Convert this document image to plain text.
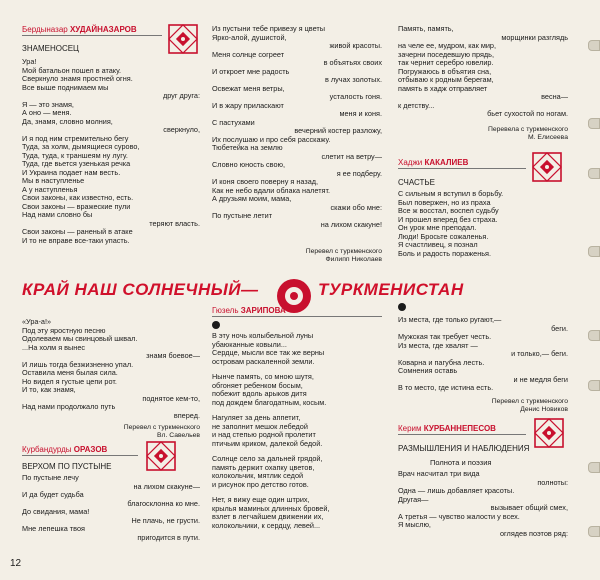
Бердыназар ХУДАЙНАЗАРОВ
ЗНАМЕНОСЕЦ
Ура!
Мой батальон пошел в атаку.
Сверкнуло знамя простней огня.
Все выше поднимаем мы
друг друга:
Я — это знамя,
А оно — меня.
Да, знамя, словно молния,
сверкнуло,
И я под ним стремительно бегу
Туда, за холм, дымящиеся сурово,
Туда, туда, к траншеям ну лугу.
Туда, где вьется узенькая речка
И Украина подает нам весть.
Мы в наступленье
А у наступленья
Свои законы, как известно, есть.
Свои законы — вражеские пули
Над нами словно бы
теряют власть.
Свои законы — раненый в атаке
И то не вправе все-таки упасть.
Из пустыни тебе привезу я цветы
Ярко-алой, душистой,
живой красоты.
Меня солнце согреет
в объятьях своих
И откроет мне радость
в лучах золотых.
Освежат меня ветры,
усталость гоня.
И в жару приласкают
меня и коня.
С пастухами
вечерний костер разложу,
Их послушаю и про себя расскажу.
Тюбетейка на землю
слетит на ветру—
Словно юность свою,
я ее подберу.
И коня своего поверну я назад,
Как не небо вдали облака налетят.
А друзьям моим, мама,
скажи обо мне:
По пустыне летит
на лихом скакуне!
Перевел с туркменского
Филипп Николаев
Память, память,
морщинки разглядь
на челе ее, мудром, как мир,
зачерни поседевшую прядь,
так чернит серебро ювелир.
Погружаюсь в объятия сна,
отбываю к родным берегам,
память в хадж отправляет
весна—
к детству...
бьет сухостой по ногам.
Перевела с туркменского
М. Елисеева
Хаджи КАКАЛИЕВ
СЧАСТЬЕ
С сильным я вступил в борьбу.
Был повержен, но из праха
Все ж восстал, воспел судьбу
И прошел вперед без страха.
Он урок мне преподал.
Люди! Бросьте сожаленья.
Я счастливец, я познал
Боль и радость пораженья.
КРАЙ НАШ СОЛНЕЧНЫЙ—	ТУРКМЕНИСТАН
«Ура-а!»
Под эту яростную песню
Одолеваем мы свинцовый шквал.
...На холм я вынес
знамя боевое—
И лишь тогда безжизненно упал.
Оставила меня былая сила.
Но видел я густые цепи рот.
И то, как знамя,
поднятое кем-то,
Над нами продолжало путь
вперед.
Перевел с туркменского
Вл. Савельев
Курбандурды ОРАЗОВ
ВЕРХОМ ПО ПУСТЫНЕ
По пустыне лечу
на лихом скакуне—
И да будет судьба
благосклонна ко мне.
До свидания, мама!
Не плачь, не грусти.
Мне лепешка твоя
пригодится в пути.
12
Гюзель ЗАРИПОВА
В эту ночь колыбельной луны
убаюканные ковыли...
Сердце, мысли все так же верны
островам раскаленной земли.
Нынче память, со мною шутя,
обгоняет ребенком босым,
побежит вдоль арыков дитя
под дождем благодатным, косым.
Нагуляет за день аппетит,
не заполнит мешок лебедой
и над степью родной пролетит
птичьим криком, далекой бедой.
Солнце село за дальней грядой,
память держит охапку цветов,
колокольчик, мятлик седой
и рисунок про детство готов.
Нет, я вижу еще один штрих,
крылья маминых длинных бровей,
взлет в легчайшем движении их,
колокольчики, к сердцу, левей...
Из места, где только ругают,—
беги.
Мужская так требует честь.
Из места, где хвалят —
и только,— беги.
Коварна и пагубна лесть.
Сомнения оставь
и не медля беги
В то место, где истина есть.
Перевел с туркменского
Денис Новиков
Керим КУРБАННЕПЕСОВ
РАЗМЫШЛЕНИЯ И НАБЛЮДЕНИЯ
Полнота и поэзия
Врач насчитал три вида
полноты:
Одна — лишь добавляет красоты.
Другая—
вызывает общий смех,
А третья — чувство жалости у всех.
Я мыслю,
оглядев поэтов ряд:
